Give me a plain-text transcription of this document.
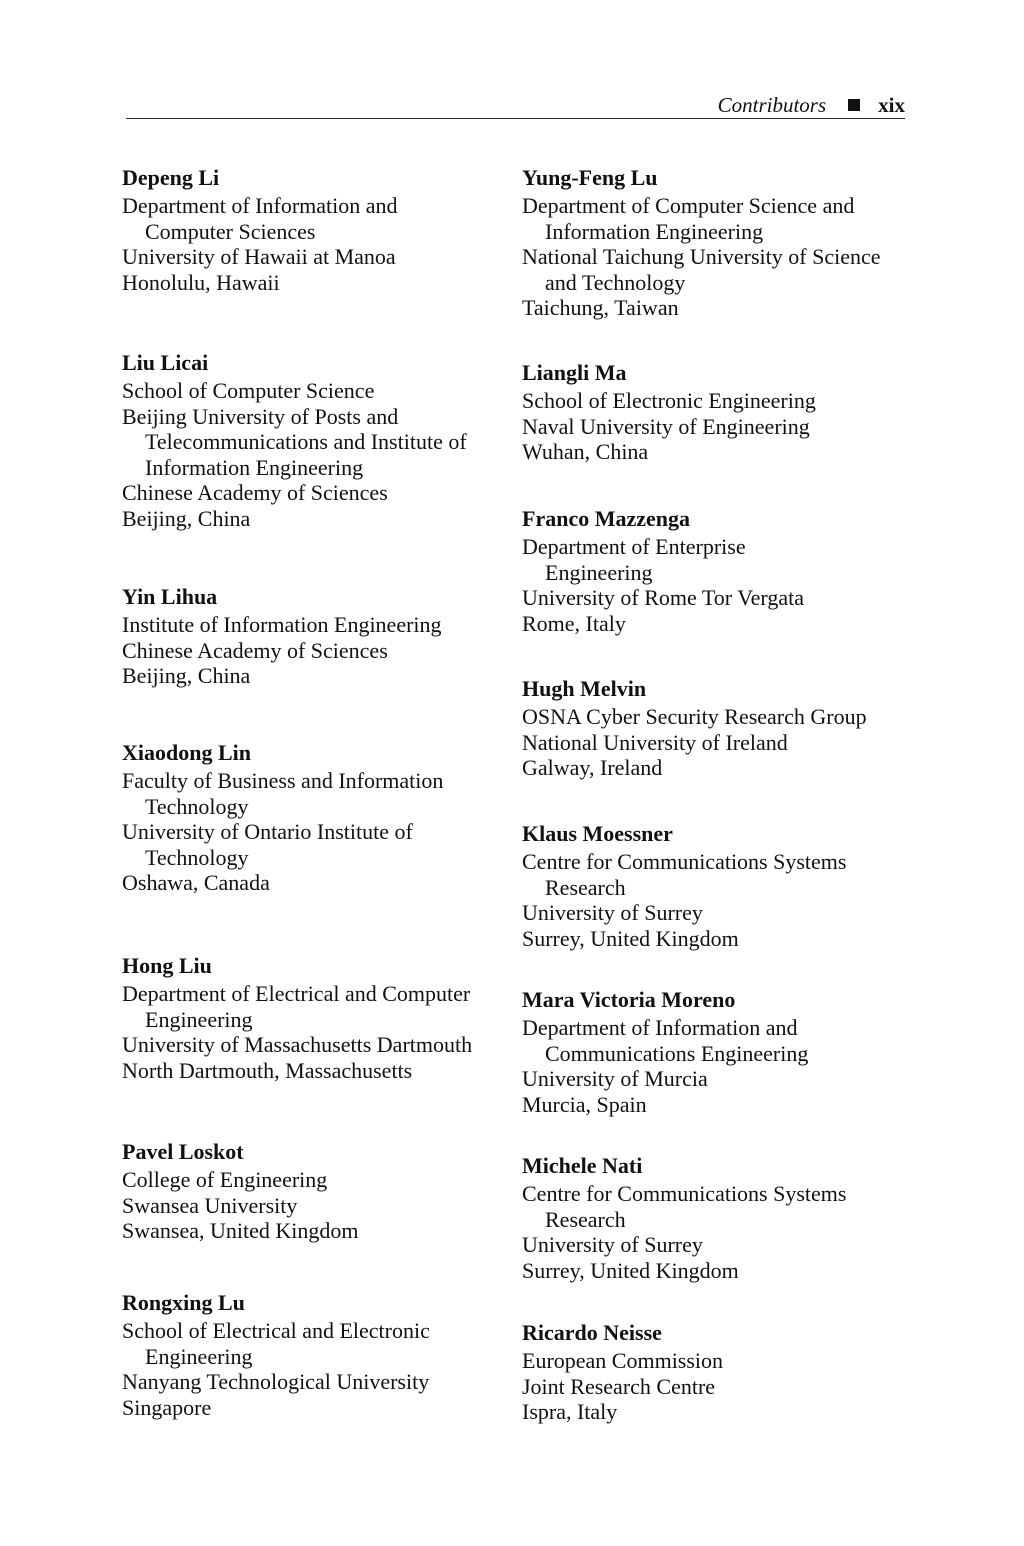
Contributors xix
Depeng Li
Department of Information and
Computer Sciences
University of Hawaii at Manoa
Honolulu, Hawaii
Liu Licai
School of Computer Science
Beijing University of Posts and
Telecommunications and Institute of
Information Engineering
Chinese Academy of Sciences
Beijing, China
Yin Lihua
Institute of Information Engineering
Chinese Academy of Sciences
Beijing, China
Xiaodong Lin
Faculty of Business and Information
Technology
University of Ontario Institute of
Technology
Oshawa, Canada
Hong Liu
Department of Electrical and Computer
Engineering
University of Massachusetts Dartmouth
North Dartmouth, Massachusetts
Pavel Loskot
College of Engineering
Swansea University
Swansea, United Kingdom
Rongxing Lu
School of Electrical and Electronic
Engineering
Nanyang Technological University
Singapore
Yung-Feng Lu
Department of Computer Science and
Information Engineering
National Taichung University of Science
and Technology
Taichung, Taiwan
Liangli Ma
School of Electronic Engineering
Naval University of Engineering
Wuhan, China
Franco Mazzenga
Department of Enterprise
Engineering
University of Rome Tor Vergata
Rome, Italy
Hugh Melvin
OSNA Cyber Security Research Group
National University of Ireland
Galway, Ireland
Klaus Moessner
Centre for Communications Systems
Research
University of Surrey
Surrey, United Kingdom
Mara Victoria Moreno
Department of Information and
Communications Engineering
University of Murcia
Murcia, Spain
Michele Nati
Centre for Communications Systems
Research
University of Surrey
Surrey, United Kingdom
Ricardo Neisse
European Commission
Joint Research Centre
Ispra, Italy
